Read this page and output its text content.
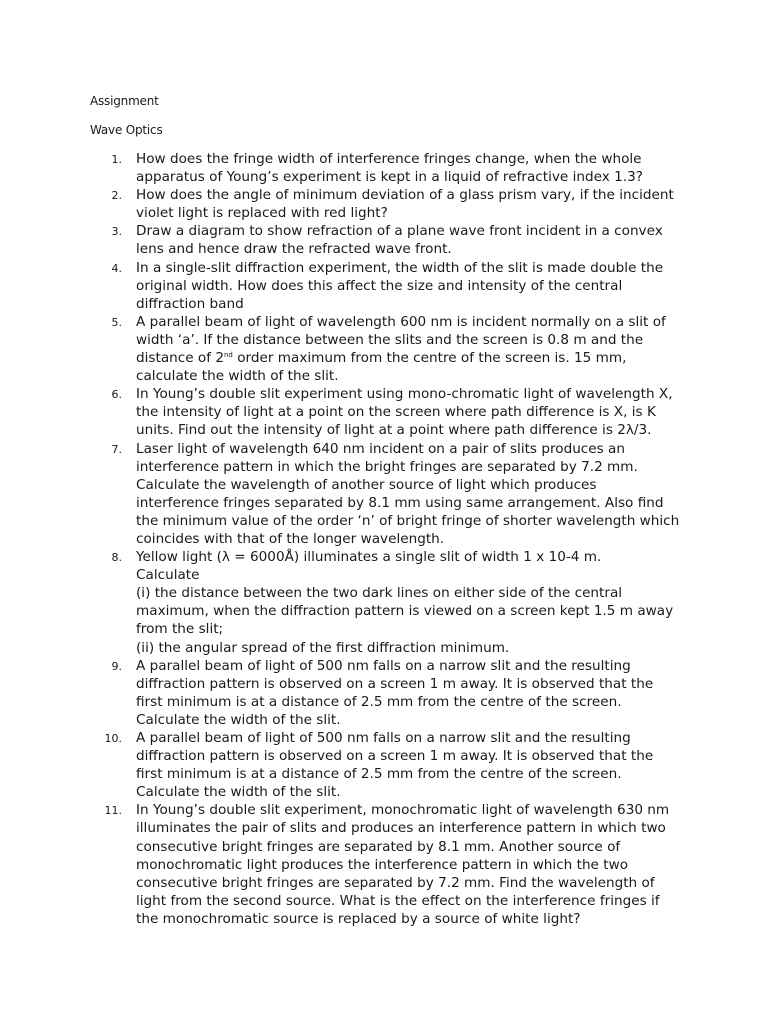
Assignment
Wave Optics
1. How does the fringe width of interference fringes change, when the whole apparatus of Young’s experiment is kept in a liquid of refractive index 1.3?
2. How does the angle of minimum deviation of a glass prism vary, if the incident violet light is replaced with red light?
3. Draw a diagram to show refraction of a plane wave front incident in a convex lens and hence draw the refracted wave front.
4. In a single-slit diffraction experiment, the width of the slit is made double the original width. How does this affect the size and intensity of the central diffraction band
5. A parallel beam of light of wavelength 600 nm is incident normally on a slit of width ‘a’. If the distance between the slits and the screen is 0.8 m and the distance of 2nd order maximum from the centre of the screen is. 15 mm, calculate the width of the slit.
6. In Young’s double slit experiment using mono-chromatic light of wavelength X, the intensity of light at a point on the screen where path difference is X, is K units. Find out the intensity of light at a point where path difference is 2λ/3.
7. Laser light of wavelength 640 nm incident on a pair of slits produces an interference pattern in which the bright fringes are separated by 7.2 mm. Calculate the wavelength of another source of light which produces interference fringes separated by 8.1 mm using same arrangement. Also find the minimum value of the order ‘n’ of bright fringe of shorter wavelength which coincides with that of the longer wavelength.
8. Yellow light (λ = 6000Å) illuminates a single slit of width 1 x 10-4 m.
Calculate
(i) the distance between the two dark lines on either side of the central maximum, when the diffraction pattern is viewed on a screen kept 1.5 m away from the slit;
(ii) the angular spread of the first diffraction minimum.
9. A parallel beam of light of 500 nm falls on a narrow slit and the resulting diffraction pattern is observed on a screen 1 m away. It is observed that the first minimum is at a distance of 2.5 mm from the centre of the screen. Calculate the width of the slit.
10. A parallel beam of light of 500 nm falls on a narrow slit and the resulting diffraction pattern is observed on a screen 1 m away. It is observed that the first minimum is at a distance of 2.5 mm from the centre of the screen. Calculate the width of the slit.
11. In Young’s double slit experiment, monochromatic light of wavelength 630 nm illuminates the pair of slits and produces an interference pattern in which two consecutive bright fringes are separated by 8.1 mm. Another source of monochromatic light produces the interference pattern in which the two consecutive bright fringes are separated by 7.2 mm. Find the wavelength of light from the second source. What is the effect on the interference fringes if the monochromatic source is replaced by a source of white light?
